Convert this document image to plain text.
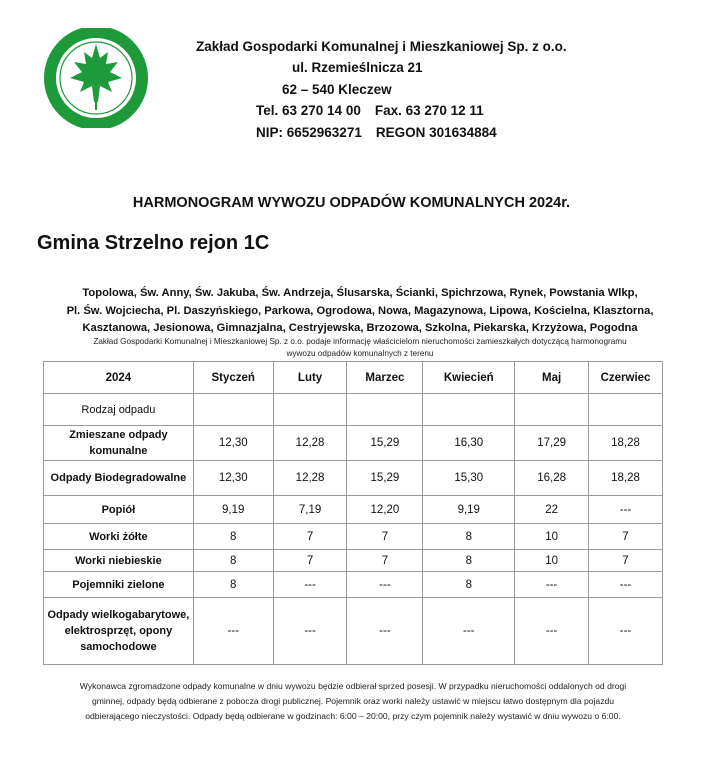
Zakład Gospodarki Komunalnej i Mieszkaniowej Sp. z o.o.
ul. Rzemieślnicza 21
62 – 540 Kleczew
Tel. 63 270 14 00 Fax. 63 270 12 11
NIP: 6652963271 REGON 301634884
HARMONOGRAM WYWOZU ODPADÓW KOMUNALNYCH 2024r.
Gmina Strzelno rejon 1C
Topolowa, Św. Anny, Św. Jakuba, Św. Andrzeja, Ślusarska, Ścianki, Spichrzowa, Rynek, Powstania Wlkp,
Pl. Św. Wojciecha, Pl. Daszyńskiego, Parkowa, Ogrodowa, Nowa, Magazynowa, Lipowa, Kościelna, Klasztorna,
Kasztanowa, Jesionowa, Gimnazjalna, Cestryjewska, Brzozowa, Szkolna, Piekarska, Krzyżowa, Pogodna
Zakład Gospodarki Komunalnej i Mieszkaniowej Sp. z o.o. podaje informację właścicielom nieruchomości zamieszkałych dotyczącą harmonogramu
wywozu odpadów komunalnych z terenu
2024	Styczeń	Luty	Marzec	Kwiecień	Maj	Czerwiec
Rodzaj odpadu						
Zmieszane odpady komunalne	12,30	12,28	15,29	16,30	17,29	18,28
Odpady Biodegradowalne	12,30	12,28	15,29	15,30	16,28	18,28
Popiół	9,19	7,19	12,20	9,19	22	---
Worki żółte	8	7	7	8	10	7
Worki niebieskie	8	7	7	8	10	7
Pojemniki zielone	8	---	---	8	---	---
Odpady wielkogabarytowe, elektrosprzęt, opony samochodowe	---	---	---	---	---	---
Wykonawca zgromadzone odpady komunalne w dniu wywozu będzie odbierał sprzed posesji. W przypadku nieruchomości oddalonych od drogi
gminnej, odpady będą odbierane z pobocza drogi publicznej. Pojemnik oraz worki należy ustawić w miejscu łatwo dostępnym dla pojazdu
odbierającego nieczystości. Odpady będą odbierane w godzinach: 6:00 – 20:00, przy czym pojemnik należy wystawić w dniu wywozu o 6:00.
